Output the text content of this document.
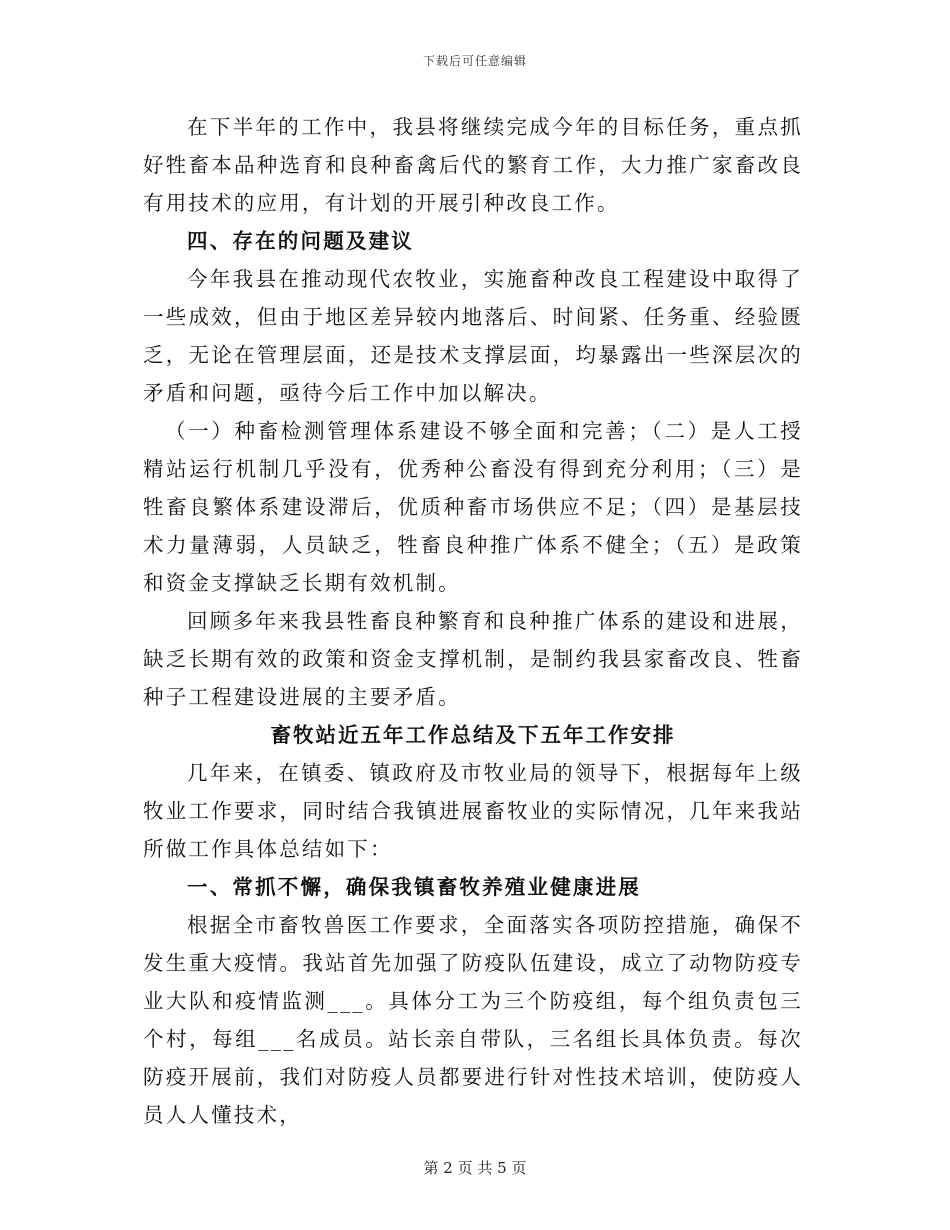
下载后可任意编辑

在下半年的工作中，我县将继续完成今年的目标任务，重点抓好牲畜本品种选育和良种畜禽后代的繁育工作，大力推广家畜改良有用技术的应用，有计划的开展引种改良工作。

四、存在的问题及建议

今年我县在推动现代农牧业，实施畜种改良工程建设中取得了一些成效，但由于地区差异较内地落后、时间紧、任务重、经验匮乏，无论在管理层面，还是技术支撑层面，均暴露出一些深层次的矛盾和问题，亟待今后工作中加以解决。

（一）种畜检测管理体系建设不够全面和完善；（二）是人工授精站运行机制几乎没有，优秀种公畜没有得到充分利用；（三）是牲畜良繁体系建设滞后，优质种畜市场供应不足；（四）是基层技术力量薄弱，人员缺乏，牲畜良种推广体系不健全；（五）是政策和资金支撑缺乏长期有效机制。

回顾多年来我县牲畜良种繁育和良种推广体系的建设和进展，缺乏长期有效的政策和资金支撑机制，是制约我县家畜改良、牲畜种子工程建设进展的主要矛盾。

畜牧站近五年工作总结及下五年工作安排

几年来，在镇委、镇政府及市牧业局的领导下，根据每年上级牧业工作要求，同时结合我镇进展畜牧业的实际情况，几年来我站所做工作具体总结如下：

一、常抓不懈，确保我镇畜牧养殖业健康进展

根据全市畜牧兽医工作要求，全面落实各项防控措施，确保不发生重大疫情。我站首先加强了防疫队伍建设，成立了动物防疫专业大队和疫情监测___。具体分工为三个防疫组，每个组负责包三个村，每组___名成员。站长亲自带队，三名组长具体负责。每次防疫开展前，我们对防疫人员都要进行针对性技术培训，使防疫人员人人懂技术，

第 2 页 共 5 页
